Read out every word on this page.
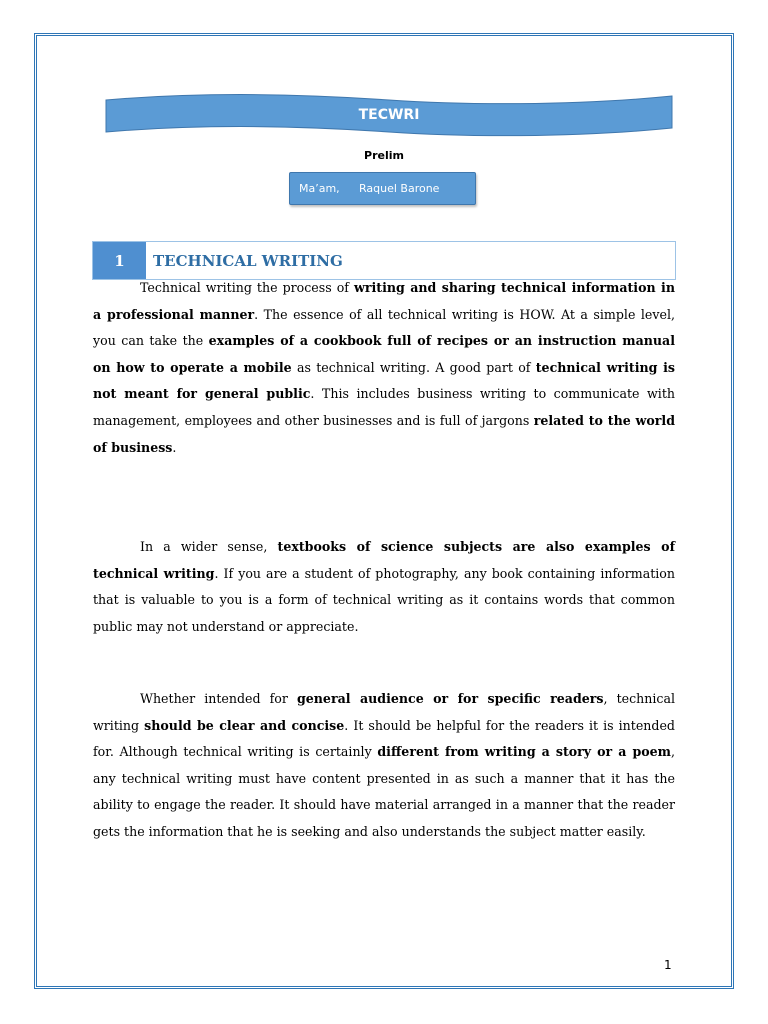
TECWRI
Prelim
Ma’am, Raquel Barone
1	TECHNICAL WRITING

Technical writing the process of writing and sharing technical information in a professional manner. The essence of all technical writing is HOW. At a simple level, you can take the examples of a cookbook full of recipes or an instruction manual on how to operate a mobile as technical writing. A good part of technical writing is not meant for general public. This includes business writing to communicate with management, employees and other businesses and is full of jargons related to the world of business.

In a wider sense, textbooks of science subjects are also examples of technical writing. If you are a student of photography, any book containing information that is valuable to you is a form of technical writing as it contains words that common public may not understand or appreciate.

Whether intended for general audience or for specific readers, technical writing should be clear and concise. It should be helpful for the readers it is intended for. Although technical writing is certainly different from writing a story or a poem, any technical writing must have content presented in as such a manner that it has the ability to engage the reader. It should have material arranged in a manner that the reader gets the information that he is seeking and also understands the subject matter easily.

1
